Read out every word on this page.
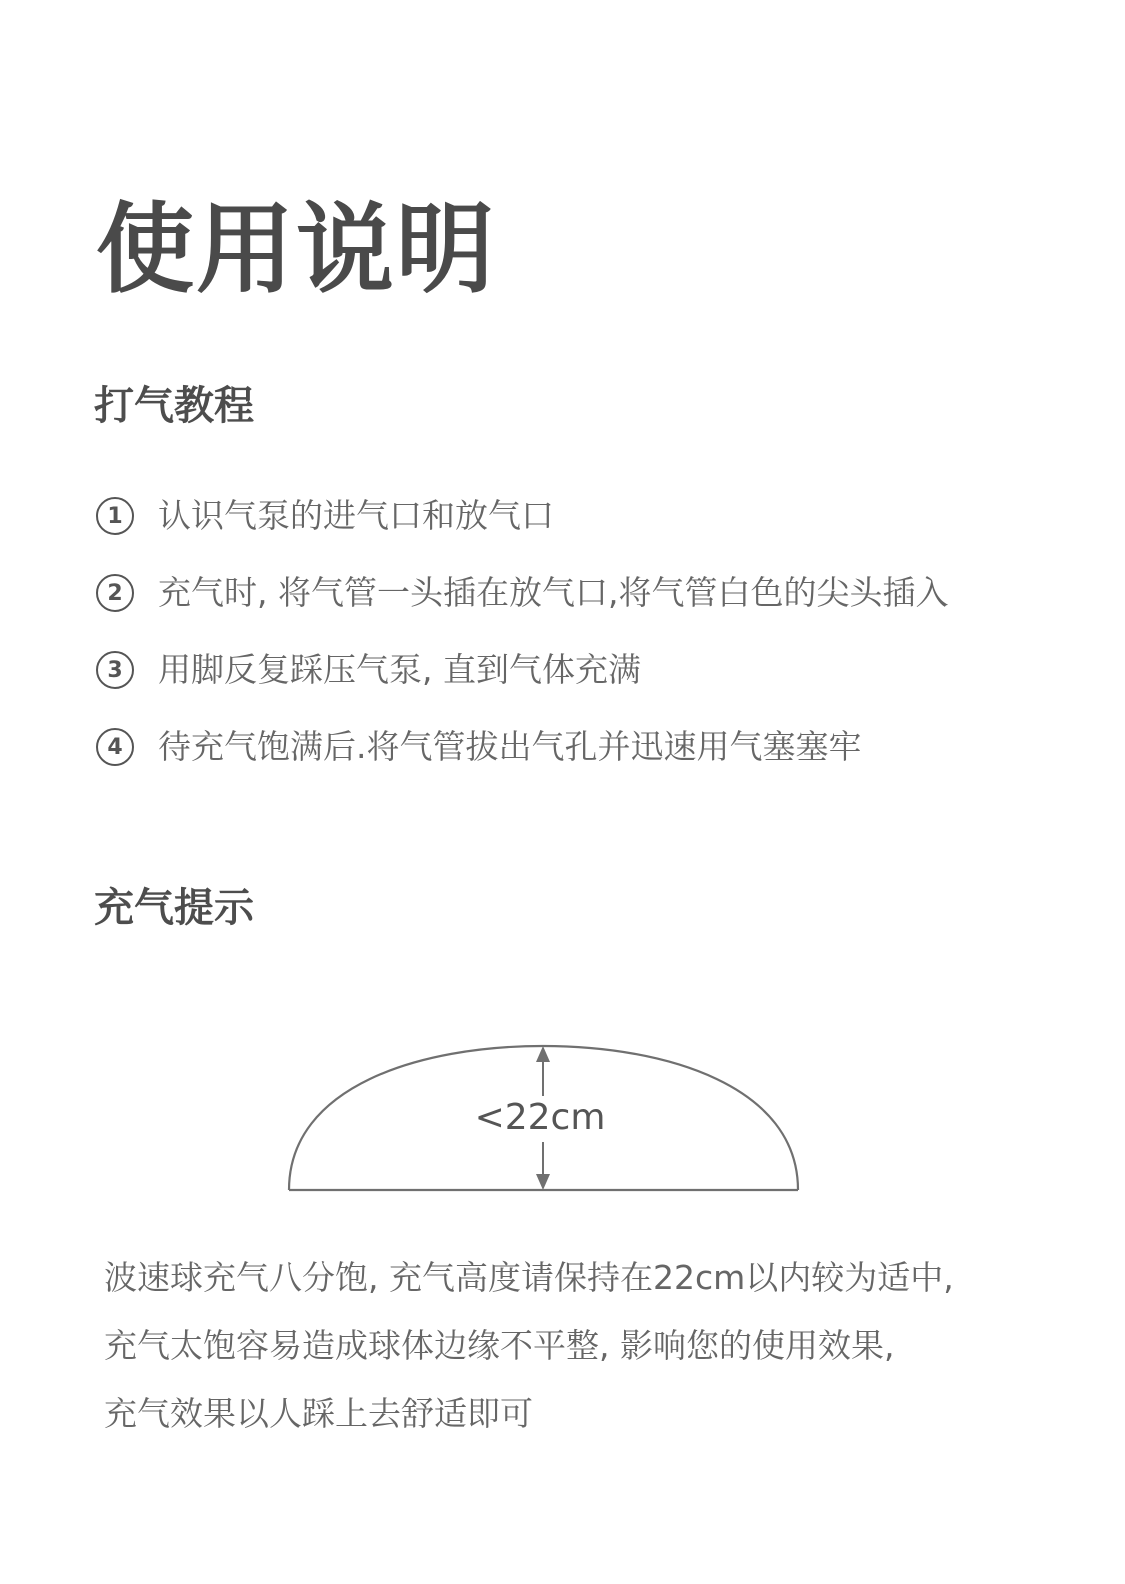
使用说明
打气教程
1	认识气泵的进气口和放气口
2	充气时, 将气管一头插在放气口,将气管白色的尖头插入
3	用脚反复踩压气泵, 直到气体充满
4	待充气饱满后.将气管拔出气孔并迅速用气塞塞牢
充气提示
<22cm
波速球充气八分饱, 充气高度请保持在22cm以内较为适中,
充气太饱容易造成球体边缘不平整, 影响您的使用效果,
充气效果以人踩上去舒适即可
